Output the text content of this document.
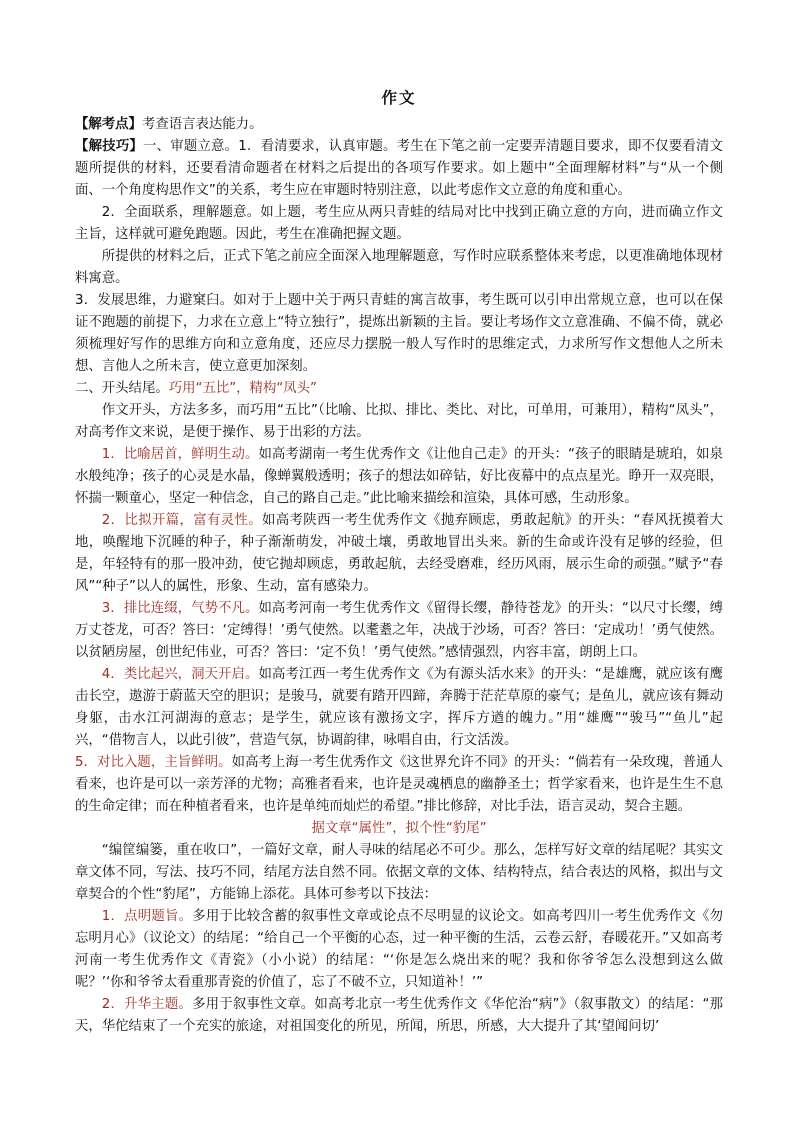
作文

【解考点】考查语言表达能力。

【解技巧】一、审题立意。1．看清要求，认真审题。考生在下笔之前一定要弄清题目要求，即不仅要看清文题所提供的材料，还要看清命题者在材料之后提出的各项写作要求。如上题中“全面理解材料”与“从一个侧面、一个角度构思作文”的关系，考生应在审题时特别注意，以此考虑作文立意的角度和重心。

2．全面联系，理解题意。如上题，考生应从两只青蛙的结局对比中找到正确立意的方向，进而确立作文主旨，这样就可避免跑题。因此，考生在准确把握文题。

所提供的材料之后，正式下笔之前应全面深入地理解题意，写作时应联系整体来考虑，以更准确地体现材料寓意。

3．发展思维，力避窠臼。如对于上题中关于两只青蛙的寓言故事，考生既可以引申出常规立意，也可以在保证不跑题的前提下，力求在立意上“特立独行”，提炼出新颖的主旨。要让考场作文立意准确、不偏不倚，就必须梳理好写作的思维方向和立意角度，还应尽力摆脱一般人写作时的思维定式，力求所写作文想他人之所未想、言他人之所未言，使立意更加深刻。

二、开头结尾。巧用“五比”，精构“凤头”

作文开头，方法多多，而巧用“五比”（比喻、比拟、排比、类比、对比，可单用，可兼用），精构“凤头”，对高考作文来说，是便于操作、易于出彩的方法。

1．比喻居首，鲜明生动。如高考湖南一考生优秀作文《让他自己走》的开头：“孩子的眼睛是琥珀，如泉水般纯净；孩子的心灵是水晶，像蝉翼般透明；孩子的想法如碎钻，好比夜幕中的点点星光。睁开一双亮眼，怀揣一颗童心，坚定一种信念，自己的路自己走。”此比喻来描绘和渲染，具体可感，生动形象。

2．比拟开篇，富有灵性。如高考陕西一考生优秀作文《抛弃顾虑，勇敢起航》的开头：“春风抚摸着大地，唤醒地下沉睡的种子，种子渐渐萌发，冲破土壤，勇敢地冒出头来。新的生命或许没有足够的经验，但是，年轻特有的那一股冲劲，使它抛却顾虑，勇敢起航，去经受磨难，经历风雨，展示生命的顽强。”赋予“春风”“种子”以人的属性，形象、生动，富有感染力。

3．排比连缀，气势不凡。如高考河南一考生优秀作文《留得长缨，静待苍龙》的开头：“以尺寸长缨，缚万丈苍龙，可否？答曰：‘定缚得！’勇气使然。以耄耋之年，决战于沙场，可否？答曰：‘定成功！’勇气使然。以贫陋房屋，创世纪伟业，可否？答曰：‘定不负！’勇气使然。”感情强烈，内容丰富，朗朗上口。

4．类比起兴，洞天开启。如高考江西一考生优秀作文《为有源头活水来》的开头：“是雄鹰，就应该有鹰击长空，遨游于蔚蓝天空的胆识；是骏马，就要有踏开四蹄，奔腾于茫茫草原的豪气；是鱼儿，就应该有舞动身躯，击水江河湖海的意志；是学生，就应该有激扬文字，挥斥方遒的魄力。”用“雄鹰”“骏马”“鱼儿”起兴，“借物言人，以此引彼”，营造气氛，协调韵律，咏唱自由，行文活泼。

5．对比入题，主旨鲜明。如高考上海一考生优秀作文《这世界允许不同》的开头：“倘若有一朵玫瑰，普通人看来，也许是可以一亲芳泽的尤物；高雅者看来，也许是灵魂栖息的幽静圣土；哲学家看来，也许是生生不息的生命定律；而在种植者看来，也许是单纯而灿烂的希望。”排比修辞，对比手法，语言灵动，契合主题。

据文章“属性”，拟个性“豹尾”

“编筐编篓，重在收口”，一篇好文章，耐人寻味的结尾必不可少。那么，怎样写好文章的结尾呢？其实文章文体不同，写法、技巧不同，结尾方法自然不同。依据文章的文体、结构特点，结合表达的风格，拟出与文章契合的个性“豹尾”，方能锦上添花。具体可参考以下技法：

1．点明题旨。多用于比较含蓄的叙事性文章或论点不尽明显的议论文。如高考四川一考生优秀作文《勿忘明月心》（议论文）的结尾：“给自己一个平衡的心态，过一种平衡的生活，云卷云舒，春暖花开。”又如高考河南一考生优秀作文《青瓷》（小小说）的结尾：“‘你是怎么烧出来的呢？我和你爷爷怎么没想到这么做呢？’‘你和爷爷太看重那青瓷的价值了，忘了不破不立，只知道补！’”

2．升华主题。多用于叙事性文章。如高考北京一考生优秀作文《华佗治“病”》（叙事散文）的结尾：“那天，华佗结束了一个充实的旅途，对祖国变化的所见，所闻，所思，所感，大大提升了其‘望闻问切’
